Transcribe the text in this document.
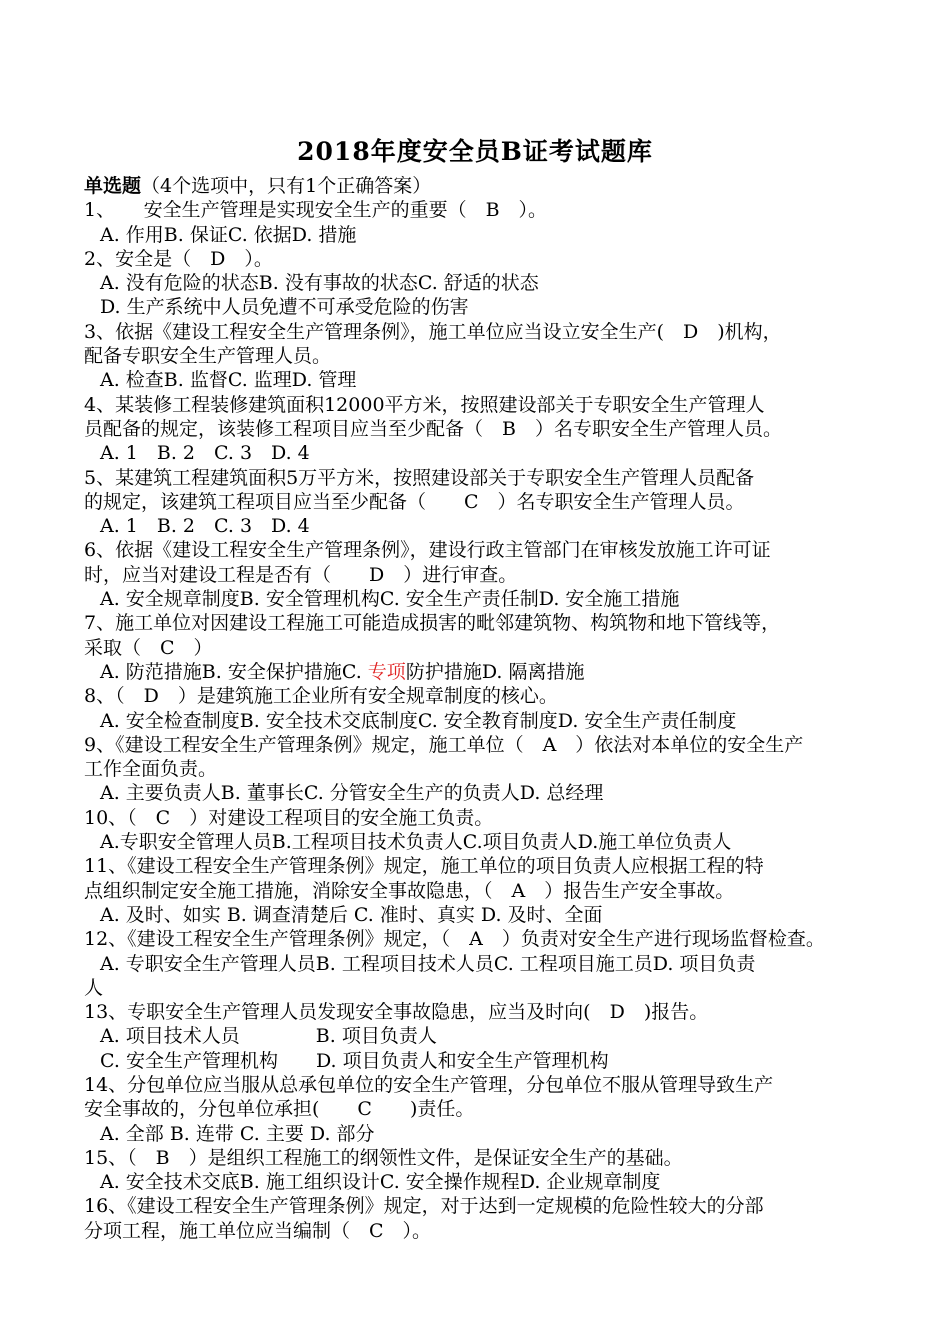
2018年度安全员B证考试题库
单选题（4个选项中，只有1个正确答案）
1、　　安全生产管理是实现安全生产的重要（　B　）。
A. 作用B. 保证C. 依据D. 措施
2、安全是（　D　）。
A. 没有危险的状态B. 没有事故的状态C. 舒适的状态
D. 生产系统中人员免遭不可承受危险的伤害
3、依据《建设工程安全生产管理条例》，施工单位应当设立安全生产(　D　)机构，
配备专职安全生产管理人员。
A. 检查B. 监督C. 监理D. 管理
4、某装修工程装修建筑面积12000平方米，按照建设部关于专职安全生产管理人
员配备的规定，该装修工程项目应当至少配备（　B　）名专职安全生产管理人员。
A. 1　B. 2　C. 3　D. 4
5、某建筑工程建筑面积5万平方米，按照建设部关于专职安全生产管理人员配备
的规定，该建筑工程项目应当至少配备（　　C　）名专职安全生产管理人员。
A. 1　B. 2　C. 3　D. 4
6、依据《建设工程安全生产管理条例》，建设行政主管部门在审核发放施工许可证
时，应当对建设工程是否有（　　D　）进行审查。
A. 安全规章制度B. 安全管理机构C. 安全生产责任制D. 安全施工措施
7、施工单位对因建设工程施工可能造成损害的毗邻建筑物、构筑物和地下管线等，
采取（　C　）
A. 防范措施B. 安全保护措施C. 专项防护措施D. 隔离措施
8、（　D　）是建筑施工企业所有安全规章制度的核心。
A. 安全检查制度B. 安全技术交底制度C. 安全教育制度D. 安全生产责任制度
9、《建设工程安全生产管理条例》规定，施工单位（　A　）依法对本单位的安全生产
工作全面负责。
A. 主要负责人B. 董事长C. 分管安全生产的负责人D. 总经理
10、（　C　）对建设工程项目的安全施工负责。
A.专职安全管理人员B.工程项目技术负责人C.项目负责人D.施工单位负责人
11、《建设工程安全生产管理条例》规定，施工单位的项目负责人应根据工程的特
点组织制定安全施工措施，消除安全事故隐患，（　A　）报告生产安全事故。
A. 及时、如实 B. 调查清楚后 C. 准时、真实 D. 及时、全面
12、《建设工程安全生产管理条例》规定，（　A　）负责对安全生产进行现场监督检查。
A. 专职安全生产管理人员B. 工程项目技术人员C. 工程项目施工员D. 项目负责
人
13、专职安全生产管理人员发现安全事故隐患，应当及时向(　D　)报告。
A. 项目技术人员　　　　B. 项目负责人
C. 安全生产管理机构　　D. 项目负责人和安全生产管理机构
14、分包单位应当服从总承包单位的安全生产管理，分包单位不服从管理导致生产
安全事故的，分包单位承担(　　C　　)责任。
A. 全部 B. 连带 C. 主要 D. 部分
15、（　B　）是组织工程施工的纲领性文件，是保证安全生产的基础。
A. 安全技术交底B. 施工组织设计C. 安全操作规程D. 企业规章制度
16、《建设工程安全生产管理条例》规定，对于达到一定规模的危险性较大的分部
分项工程，施工单位应当编制（　C　）。
